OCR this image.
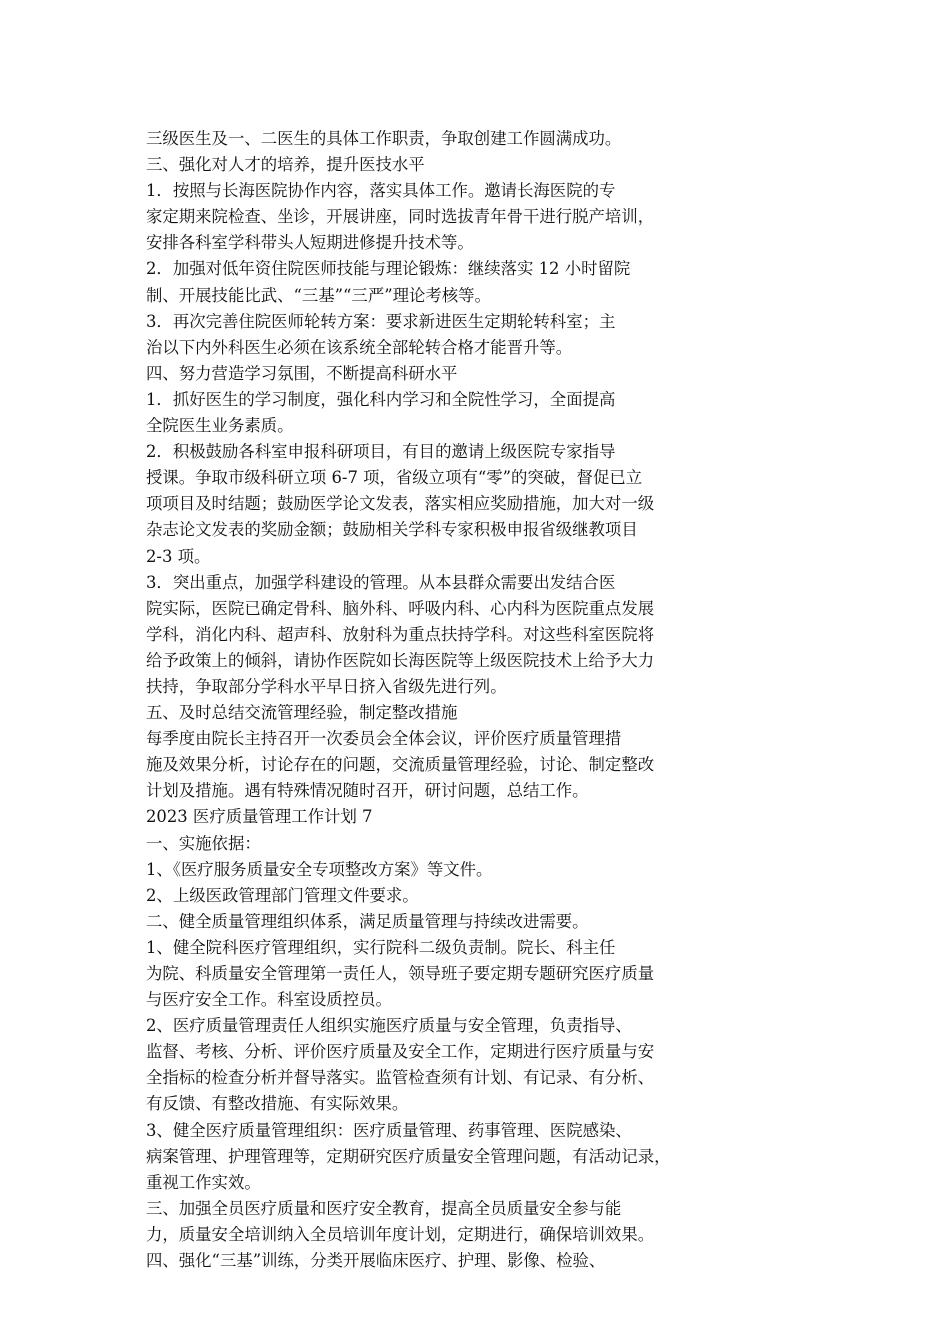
三级医生及一、二医生的具体工作职责，争取创建工作圆满成功。
三、强化对人才的培养，提升医技水平
1．按照与长海医院协作内容，落实具体工作。邀请长海医院的专
家定期来院检查、坐诊，开展讲座，同时选拔青年骨干进行脱产培训，
安排各科室学科带头人短期进修提升技术等。
2．加强对低年资住院医师技能与理论锻炼：继续落实 12 小时留院
制、开展技能比武、“三基”“三严”理论考核等。
3．再次完善住院医师轮转方案：要求新进医生定期轮转科室；主
治以下内外科医生必须在该系统全部轮转合格才能晋升等。
四、努力营造学习氛围，不断提高科研水平
1．抓好医生的学习制度，强化科内学习和全院性学习，全面提高
全院医生业务素质。
2．积极鼓励各科室申报科研项目，有目的邀请上级医院专家指导
授课。争取市级科研立项 6-7 项，省级立项有“零”的突破，督促已立
项项目及时结题；鼓励医学论文发表，落实相应奖励措施，加大对一级
杂志论文发表的奖励金额；鼓励相关学科专家积极申报省级继教项目
2-3 项。
3．突出重点，加强学科建设的管理。从本县群众需要出发结合医
院实际，医院已确定骨科、脑外科、呼吸内科、心内科为医院重点发展
学科，消化内科、超声科、放射科为重点扶持学科。对这些科室医院将
给予政策上的倾斜，请协作医院如长海医院等上级医院技术上给予大力
扶持，争取部分学科水平早日挤入省级先进行列。
五、及时总结交流管理经验，制定整改措施
每季度由院长主持召开一次委员会全体会议，评价医疗质量管理措
施及效果分析，讨论存在的问题，交流质量管理经验，讨论、制定整改
计划及措施。遇有特殊情况随时召开，研讨问题，总结工作。
2023 医疗质量管理工作计划 7
一、实施依据：
1、《医疗服务质量安全专项整改方案》等文件。
2、上级医政管理部门管理文件要求。
二、健全质量管理组织体系，满足质量管理与持续改进需要。
1、健全院科医疗管理组织，实行院科二级负责制。院长、科主任
为院、科质量安全管理第一责任人，领导班子要定期专题研究医疗质量
与医疗安全工作。科室设质控员。
2、医疗质量管理责任人组织实施医疗质量与安全管理，负责指导、
监督、考核、分析、评价医疗质量及安全工作，定期进行医疗质量与安
全指标的检查分析并督导落实。监管检查须有计划、有记录、有分析、
有反馈、有整改措施、有实际效果。
3、健全医疗质量管理组织：医疗质量管理、药事管理、医院感染、
病案管理、护理管理等，定期研究医疗质量安全管理问题，有活动记录，
重视工作实效。
三、加强全员医疗质量和医疗安全教育，提高全员质量安全参与能
力，质量安全培训纳入全员培训年度计划，定期进行，确保培训效果。
四、强化“三基”训练，分类开展临床医疗、护理、影像、检验、
